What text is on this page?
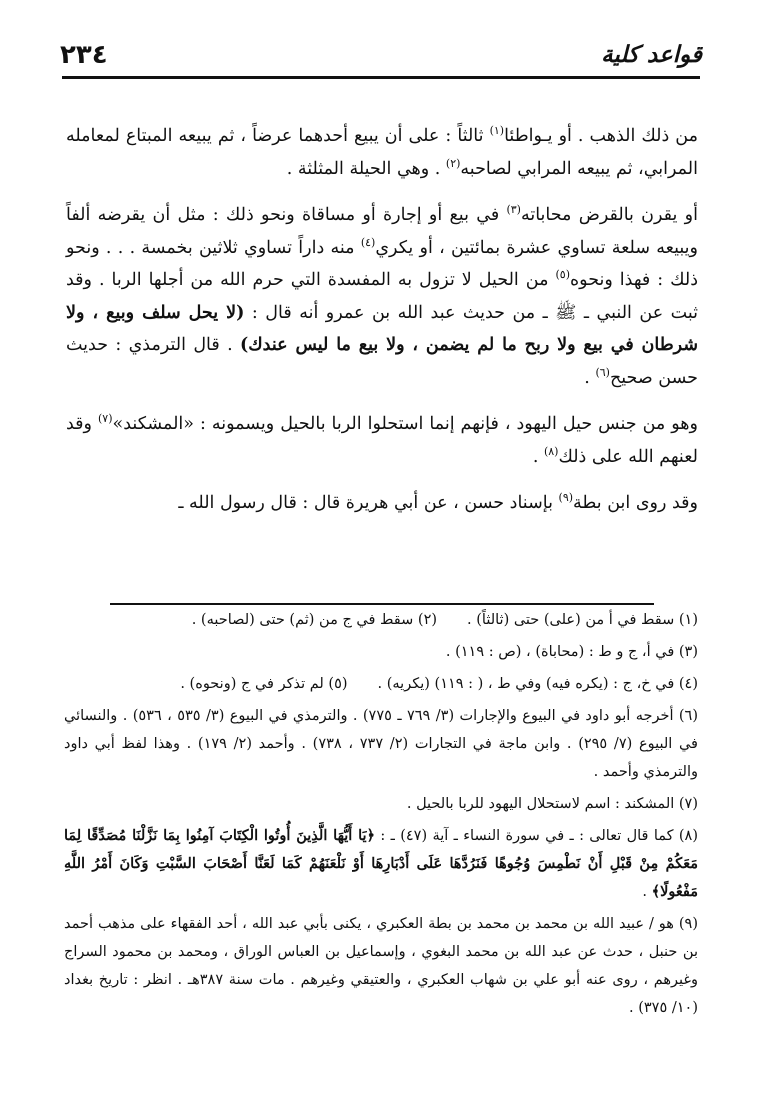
قواعد كلية
٢٣٤

من ذلك الذهب . أو يـواطئا$^{(١)}$ ثالثاً : على أن يبيع أحدهما عرضاً ، ثم يبيعه المبتاع لمعامله المرابي، ثم يبيعه المرابي لصاحبه$^{(٢)}$ . وهي الحيلة المثلثة .

أو يقرن بالقرض محاباته$^{(٣)}$ في بيع أو إجارة أو مساقاة ونحو ذلك : مثل أن يقرضه ألفاً ويبيعه سلعة تساوي عشرة بمائتين ، أو يكري$^{(٤)}$ منه داراً تساوي ثلاثين بخمسة . . . ونحو ذلك : فهذا ونحوه$^{(٥)}$ من الحيل لا تزول به المفسدة التي حرم الله من أجلها الربا . وقد ثبت عن النبي ـ ﷺ ـ من حديث عبد الله بن عمرو أنه قال : (لا يحل سلف وبيع ، ولا شرطان في بيع ولا ربح ما لم يضمن ، ولا بيع ما ليس عندك) . قال الترمذي : حديث حسن صحيح$^{(٦)}$ .

وهو من جنس حيل اليهود ، فإنهم إنما استحلوا الربا بالحيل ويسمونه : «المشكند»$^{(٧)}$ وقد لعنهم الله على ذلك$^{(٨)}$ .

وقد روى ابن بطة$^{(٩)}$ بإسناد حسن ، عن أبي هريرة قال : قال رسول الله ـ

(١) سقط في أ من (على) حتى (ثالثاً) .
(٢) سقط في ج من (ثم) حتى (لصاحبه) .
(٣) في أ، ج و ط : (محاباة) ، (ص : ١١٩) .
(٤) في خ، ج : (يكره فيه) وفي ط ، ( : ١١٩) (يكريه) .
(٥) لم تذكر في ج (ونحوه) .
(٦) أخرجه أبو داود في البيوع والإجارات (٣/ ٧٦٩ ـ ٧٧٥) . والترمذي في البيوع (٣/ ٥٣٥ ، ٥٣٦) . والنسائي في البيوع (٧/ ٢٩٥) . وابن ماجة في التجارات (٢/ ٧٣٧ ، ٧٣٨) . وأحمد (٢/ ١٧٩) . وهذا لفظ أبي داود والترمذي وأحمد .
(٧) المشكند : اسم لاستحلال اليهود للربا بالحيل .
(٨) كما قال تعالى : ـ في سورة النساء ـ آية (٤٧) ـ : ﴿يَا أَيُّهَا الَّذِينَ أُوتُوا الْكِتَابَ آمِنُوا بِمَا نَزَّلْنَا مُصَدِّقًا لِمَا مَعَكُمْ مِنْ قَبْلِ أَنْ نَطْمِسَ وُجُوهًا فَنَرُدَّهَا عَلَى أَدْبَارِهَا أَوْ نَلْعَنَهُمْ كَمَا لَعَنَّا أَصْحَابَ السَّبْتِ وَكَانَ أَمْرُ اللَّهِ مَفْعُولًا﴾ .
(٩) هو / عبيد الله بن محمد بن محمد بن بطة العكبري ، يكنى بأبي عبد الله ، أحد الفقهاء على مذهب أحمد بن حنبل ، حدث عن عبد الله بن محمد البغوي ، وإسماعيل بن العباس الوراق ، ومحمد بن محمود السراج وغيرهم ، روى عنه أبو علي بن شهاب العكبري ، والعتيقي وغيرهم . مات سنة ٣٨٧هـ . انظر : تاريخ بغداد (١٠/ ٣٧٥) .
